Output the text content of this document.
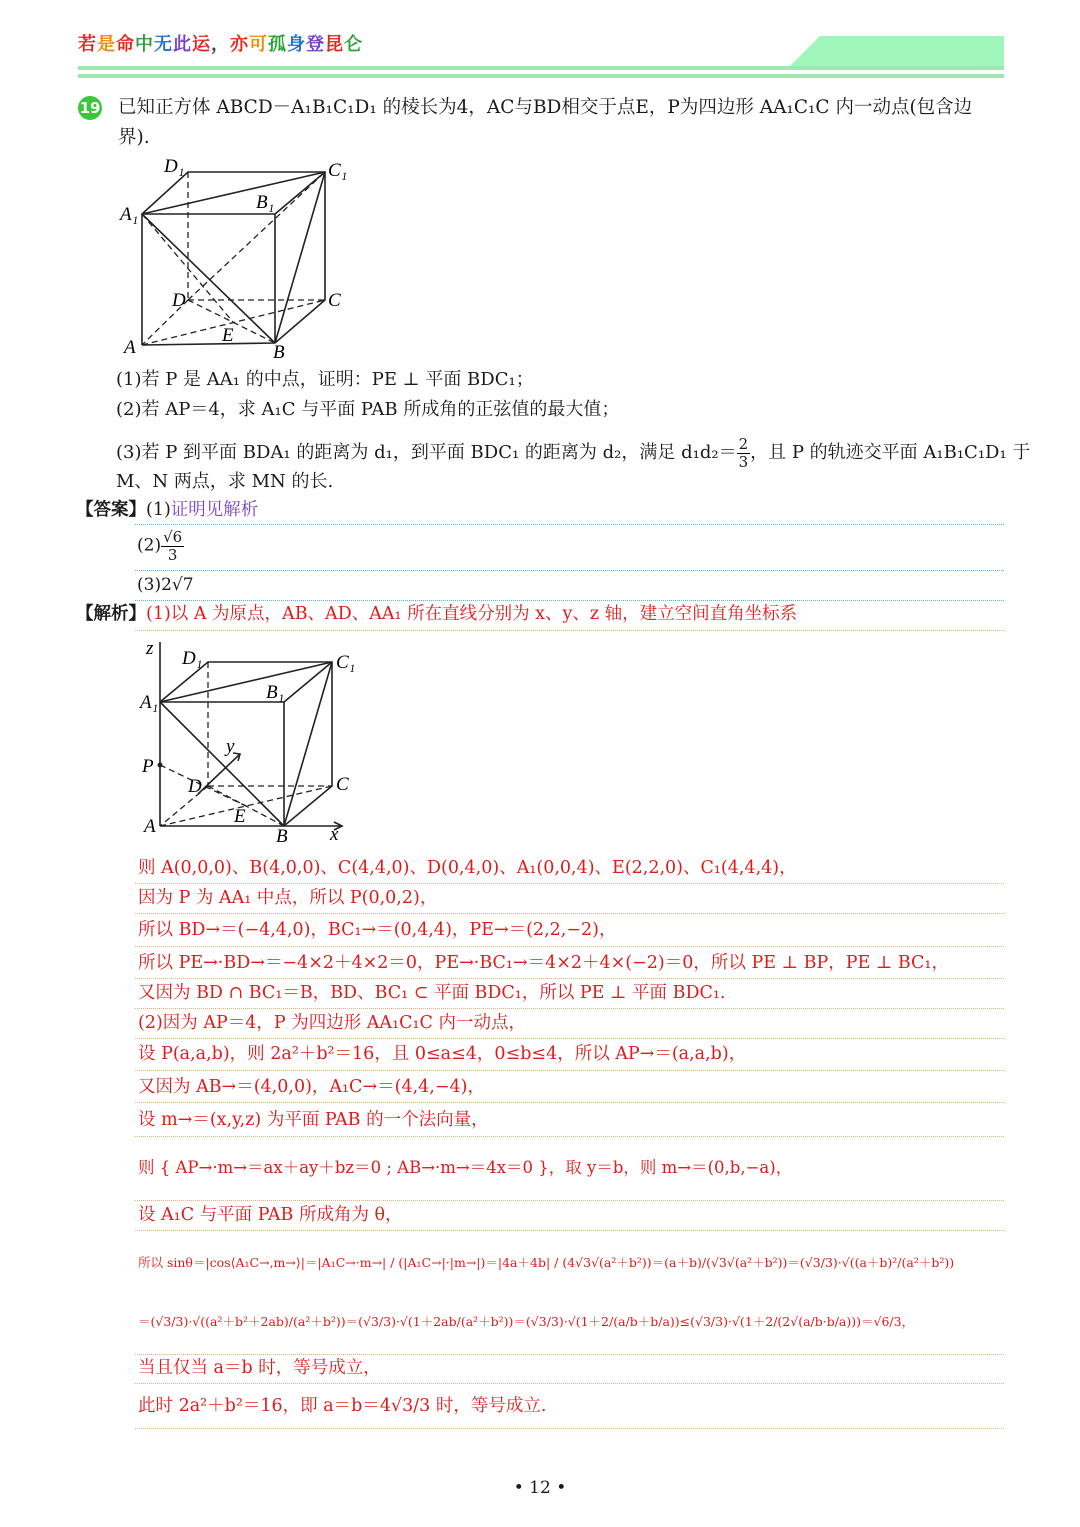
若是命中无此运，亦可孤身登昆仑
19 已知正方体 ABCD－A₁B₁C₁D₁ 的棱长为4，AC与BD相交于点E，P为四边形 AA₁C₁C 内一动点(包含边
界).
D₁	C₁
B₁
A₁
D	C
A
E
B
(1)若 P 是 AA₁ 的中点，证明：PE ⊥ 平面 BDC₁；
(2)若 AP＝4，求 A₁C 与平面 PAB 所成角的正弦值的最大值；
(3)若 P 到平面 BDA₁ 的距离为 d₁，到平面 BDC₁ 的距离为 d₂，满足 $d_1d_2= \frac{2}{3}$ ，且 P 的轨迹交平面 A₁B₁C₁D₁ 于
M、N 两点，求 MN 的长.
【答案】(1)证明见解析
$(2) \frac{√6}{3}$
(3)2√7
【解析】(1)以 A 为原点，AB、AD、AA₁ 所在直线分别为 x、y、z 轴，建立空间直角坐标系
z D₁	C₁
B₁
A₁
P
y
D	C
A	E
B x
则 A(0,0,0)、B(4,0,0)、C(4,4,0)、D(0,4,0)、A₁(0,0,4)、E(2,2,0)、C₁(4,4,4)，
因为 P 为 AA₁ 中点，所以 P(0,0,2)，
所以 BD→＝(−4,4,0)，BC₁→＝(0,4,4)，PE→＝(2,2,−2)，
所以 PE→·BD→＝−4×2＋4×2＝0，PE→·BC₁→＝4×2＋4×(−2)＝0，所以 PE ⊥ BP，PE ⊥ BC₁，
又因为 BD ∩ BC₁＝B，BD、BC₁ ⊂ 平面 BDC₁，所以 PE ⊥ 平面 BDC₁.
(2)因为 AP＝4，P 为四边形 AA₁C₁C 内一动点，
设 P(a,a,b)，则 2a²＋b²＝16，且 0≤a≤4，0≤b≤4，所以 AP→＝(a,a,b)，
又因为 AB→＝(4,0,0)，A₁C→＝(4,4,−4)，
设 m→＝(x,y,z) 为平面 PAB 的一个法向量，
则 { AP→·m→＝ax＋ay＋bz＝0 ; AB→·m→＝4x＝0 }，取 y＝b，则 m→＝(0,b,−a)，
设 A₁C 与平面 PAB 所成角为 θ，
所以 sinθ＝|cos⟨A₁C→,m→⟩|＝|A₁C→·m→| / (|A₁C→|·|m→|)＝|4a＋4b| / (4√3√(a²＋b²))＝(a＋b)/(√3√(a²＋b²))＝(√3/3)·√((a＋b)²/(a²＋b²))
＝(√3/3)·√((a²＋b²＋2ab)/(a²＋b²))＝(√3/3)·√(1＋2ab/(a²＋b²))＝(√3/3)·√(1＋2/(a/b＋b/a))≤(√3/3)·√(1＋2/(2√(a/b·b/a)))＝√6/3，
当且仅当 a＝b 时，等号成立，
此时 2a²＋b²＝16，即 a＝b＝4√3/3 时，等号成立.
• 12 •
